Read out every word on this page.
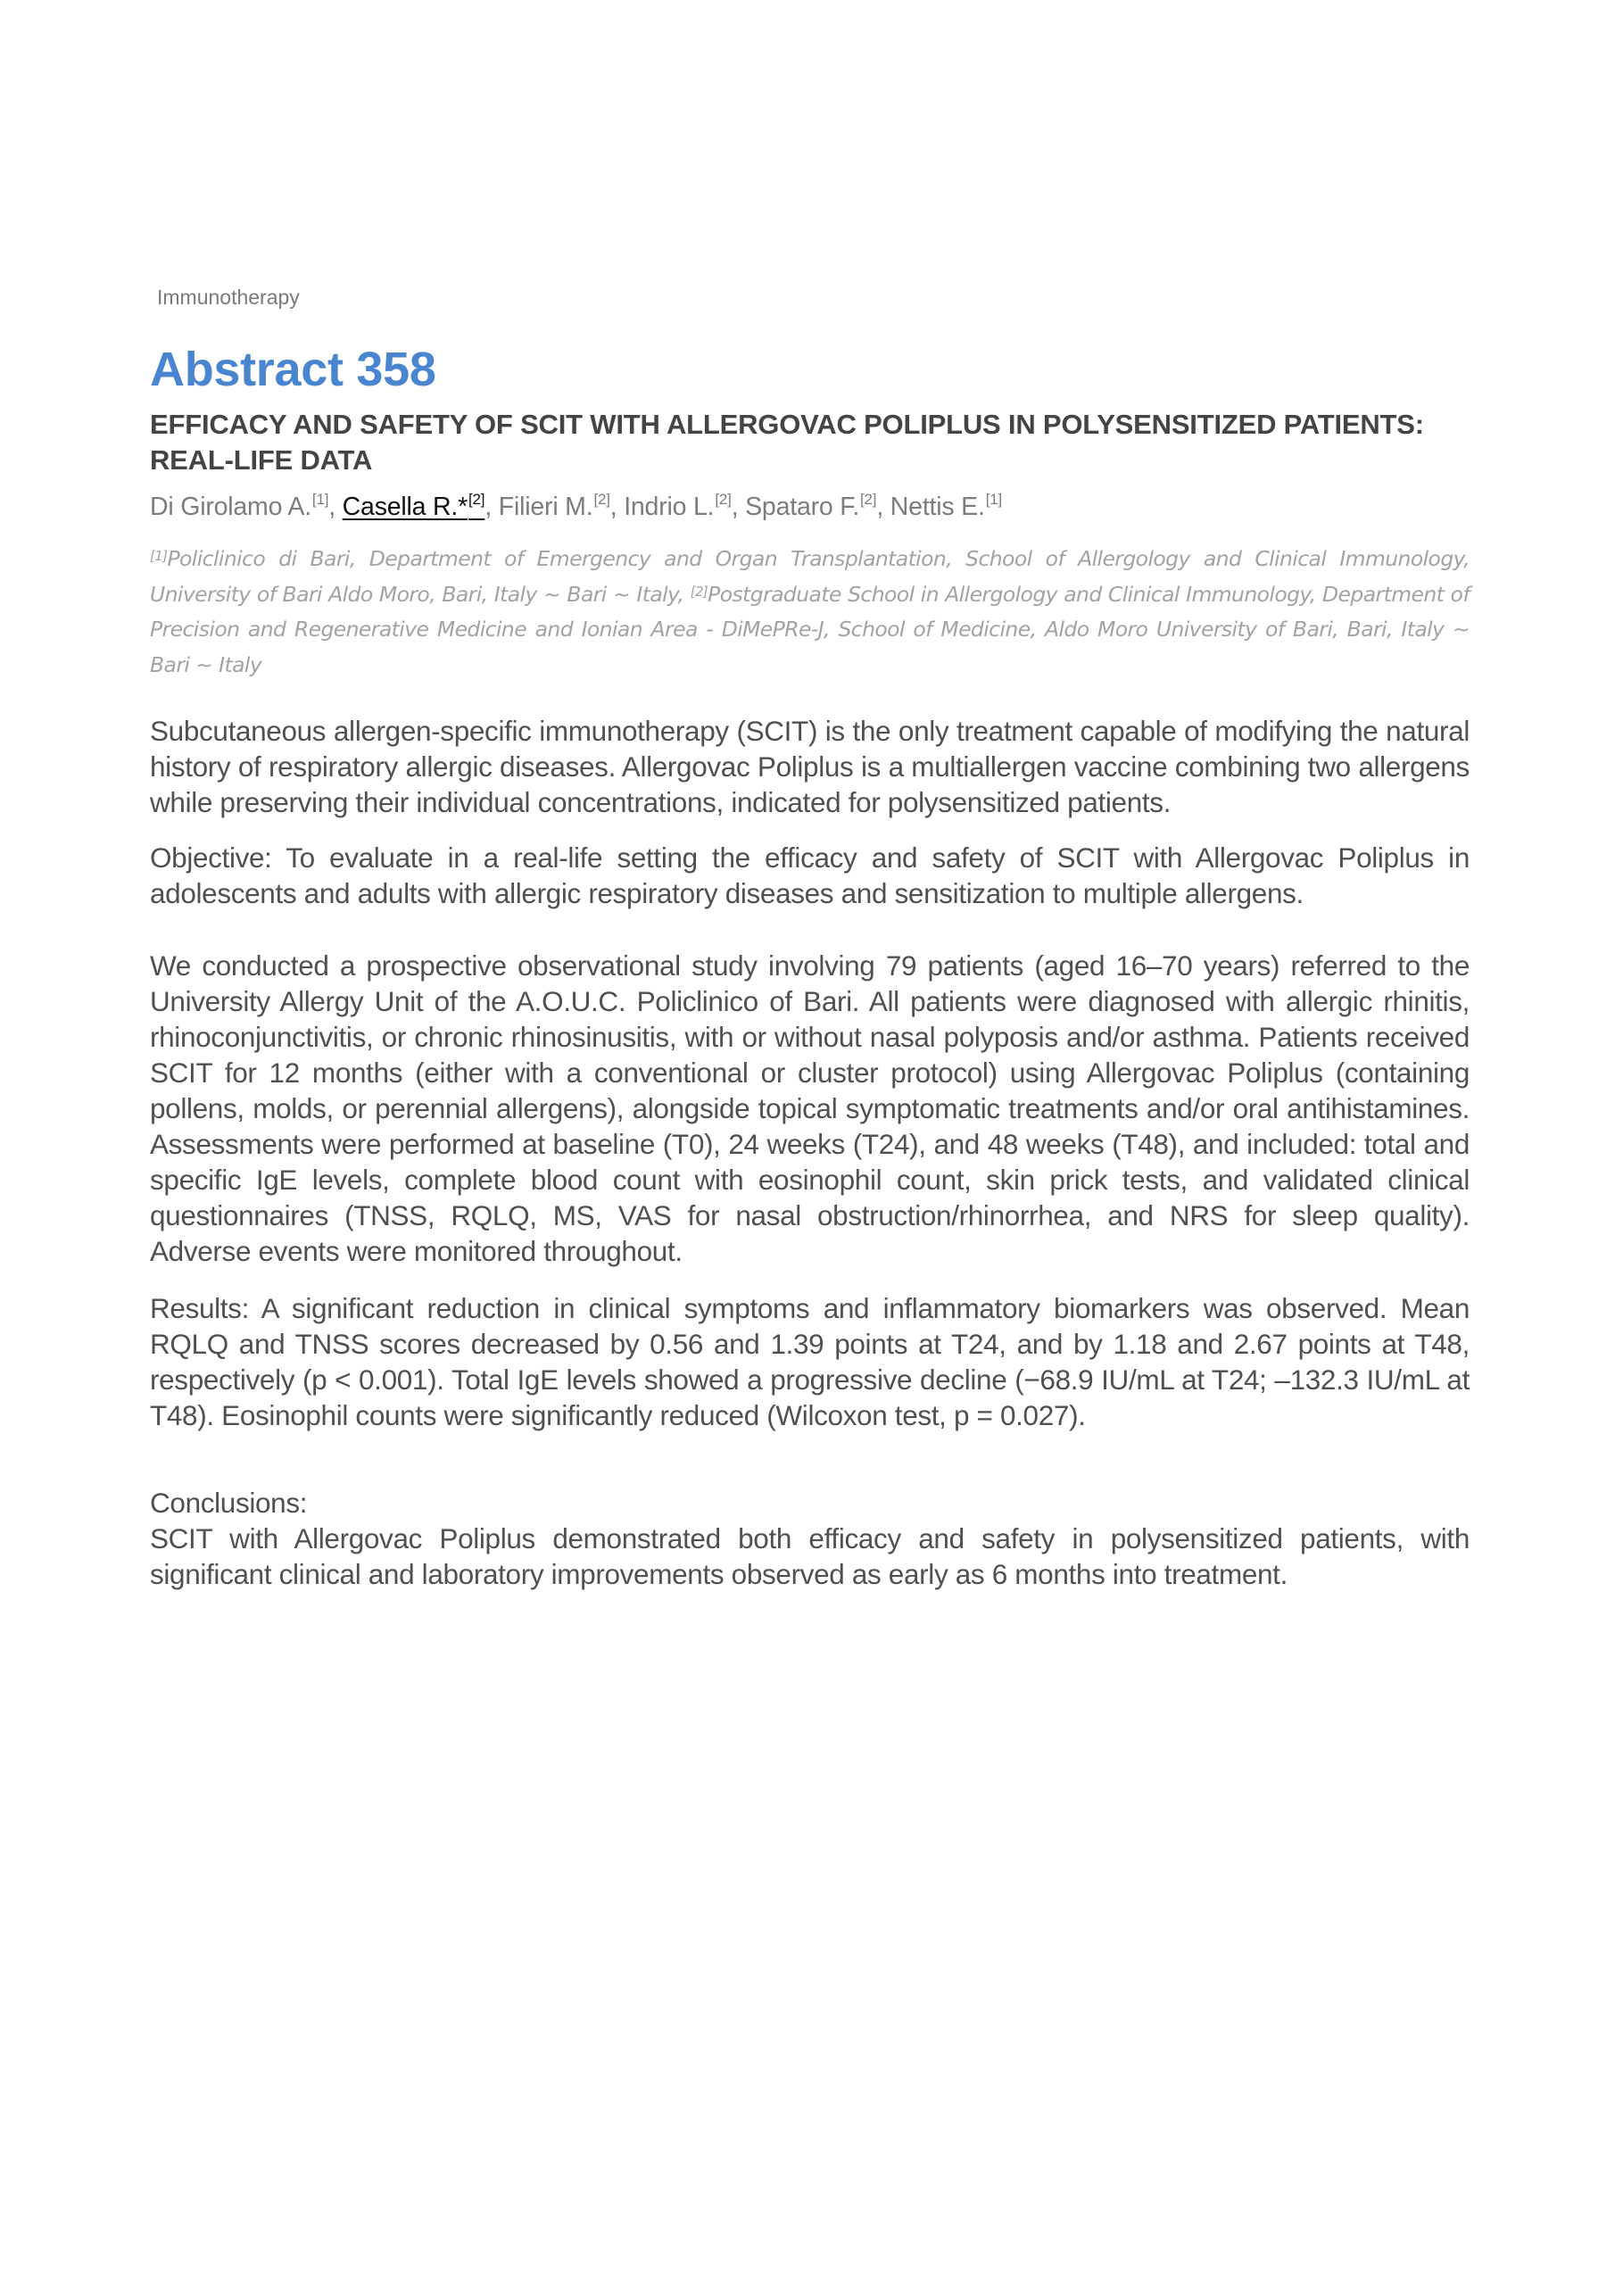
Immunotherapy
Abstract 358
EFFICACY AND SAFETY OF SCIT WITH ALLERGOVAC POLIPLUS IN POLYSENSITIZED PATIENTS: REAL-LIFE DATA
Di Girolamo A.[1], Casella R.*[2], Filieri M.[2], Indrio L.[2], Spataro F.[2], Nettis E.[1]
[1]Policlinico di Bari, Department of Emergency and Organ Transplantation, School of Allergology and Clinical Immunology, University of Bari Aldo Moro, Bari, Italy ~ Bari ~ Italy, [2]Postgraduate School in Allergology and Clinical Immunology, Department of Precision and Regenerative Medicine and Ionian Area - DiMePRe-J, School of Medicine, Aldo Moro University of Bari, Bari, Italy ~ Bari ~ Italy
Subcutaneous allergen-specific immunotherapy (SCIT) is the only treatment capable of modifying the natural history of respiratory allergic diseases. Allergovac Poliplus is a multiallergen vaccine combining two allergens while preserving their individual concentrations, indicated for polysensitized patients.
Objective: To evaluate in a real-life setting the efficacy and safety of SCIT with Allergovac Poliplus in adolescents and adults with allergic respiratory diseases and sensitization to multiple allergens.
We conducted a prospective observational study involving 79 patients (aged 16–70 years) referred to the University Allergy Unit of the A.O.U.C. Policlinico of Bari. All patients were diagnosed with allergic rhinitis, rhinoconjunctivitis, or chronic rhinosinusitis, with or without nasal polyposis and/or asthma. Patients received SCIT for 12 months (either with a conventional or cluster protocol) using Allergovac Poliplus (containing pollens, molds, or perennial allergens), alongside topical symptomatic treatments and/or oral antihistamines. Assessments were performed at baseline (T0), 24 weeks (T24), and 48 weeks (T48), and included: total and specific IgE levels, complete blood count with eosinophil count, skin prick tests, and validated clinical questionnaires (TNSS, RQLQ, MS, VAS for nasal obstruction/rhinorrhea, and NRS for sleep quality). Adverse events were monitored throughout.
Results: A significant reduction in clinical symptoms and inflammatory biomarkers was observed. Mean RQLQ and TNSS scores decreased by 0.56 and 1.39 points at T24, and by 1.18 and 2.67 points at T48, respectively (p < 0.001). Total IgE levels showed a progressive decline (−68.9 IU/mL at T24; –132.3 IU/mL at T48). Eosinophil counts were significantly reduced (Wilcoxon test, p = 0.027).
Conclusions:
SCIT with Allergovac Poliplus demonstrated both efficacy and safety in polysensitized patients, with significant clinical and laboratory improvements observed as early as 6 months into treatment.
